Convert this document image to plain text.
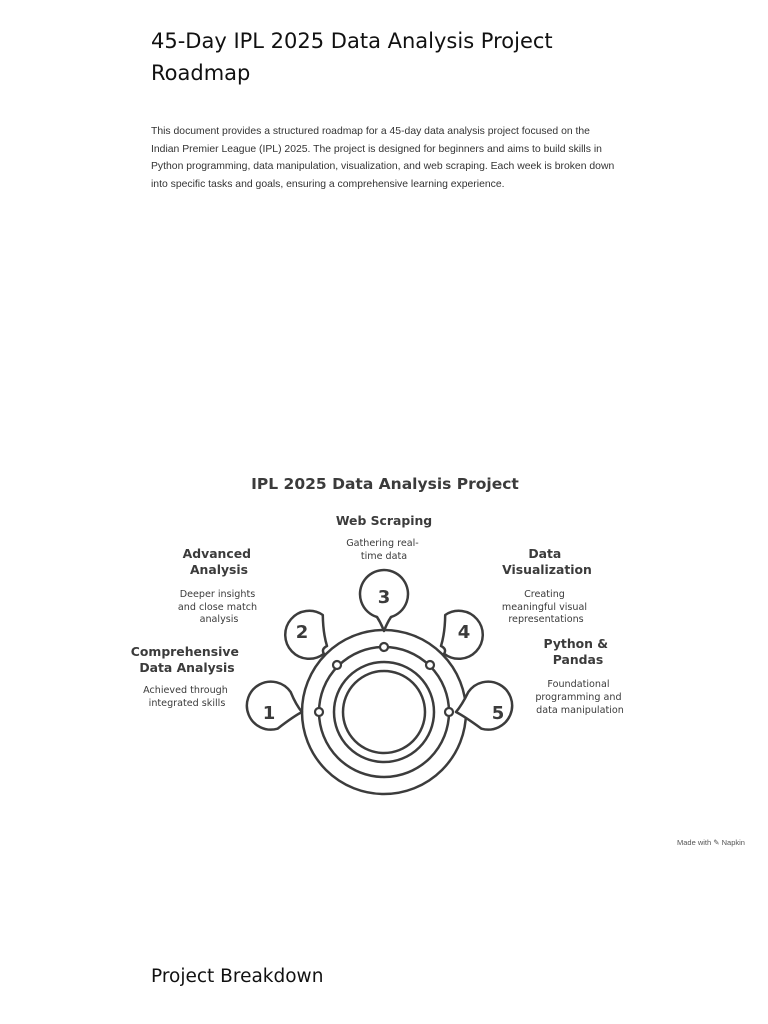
45-Day IPL 2025 Data Analysis Project Roadmap

This document provides a structured roadmap for a 45-day data analysis project focused on the Indian Premier League (IPL) 2025. The project is designed for beginners and aims to build skills in Python programming, data manipulation, visualization, and web scraping. Each week is broken down into specific tasks and goals, ensuring a comprehensive learning experience.

IPL 2025 Data Analysis Project
Comprehensive Data Analysis
Achieved through integrated skills
Advanced Analysis
Deeper insights and close match analysis
Web Scraping
Gathering real- time data	Data Visualization
Creating meaningful visual representations
Python & Pandas
Foundational programming and data manipulation
1
2
3
4
5
Made with ✎ Napkin
Project Breakdown
